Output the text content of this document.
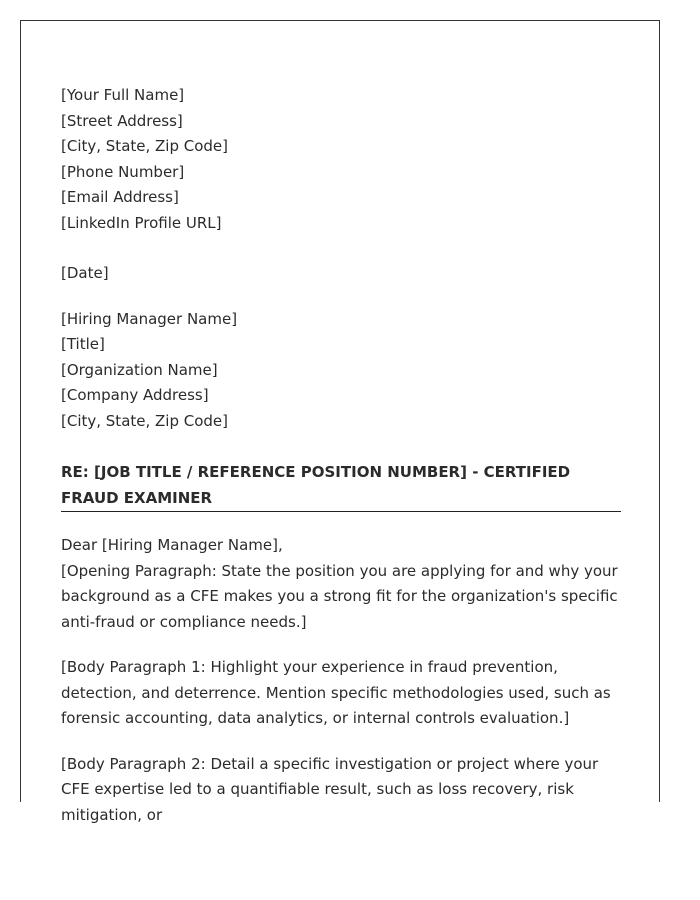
[Your Full Name]
[Street Address]
[City, State, Zip Code]
[Phone Number]
[Email Address]
[LinkedIn Profile URL]
[Date]
[Hiring Manager Name]
[Title]
[Organization Name]
[Company Address]
[City, State, Zip Code]
RE: [JOB TITLE / REFERENCE POSITION NUMBER] - CERTIFIED FRAUD EXAMINER
Dear [Hiring Manager Name],
[Opening Paragraph: State the position you are applying for and why your background as a CFE makes you a strong fit for the organization's specific anti-fraud or compliance needs.]
[Body Paragraph 1: Highlight your experience in fraud prevention, detection, and deterrence. Mention specific methodologies used, such as forensic accounting, data analytics, or internal controls evaluation.]
[Body Paragraph 2: Detail a specific investigation or project where your CFE expertise led to a quantifiable result, such as loss recovery, risk mitigation, or
